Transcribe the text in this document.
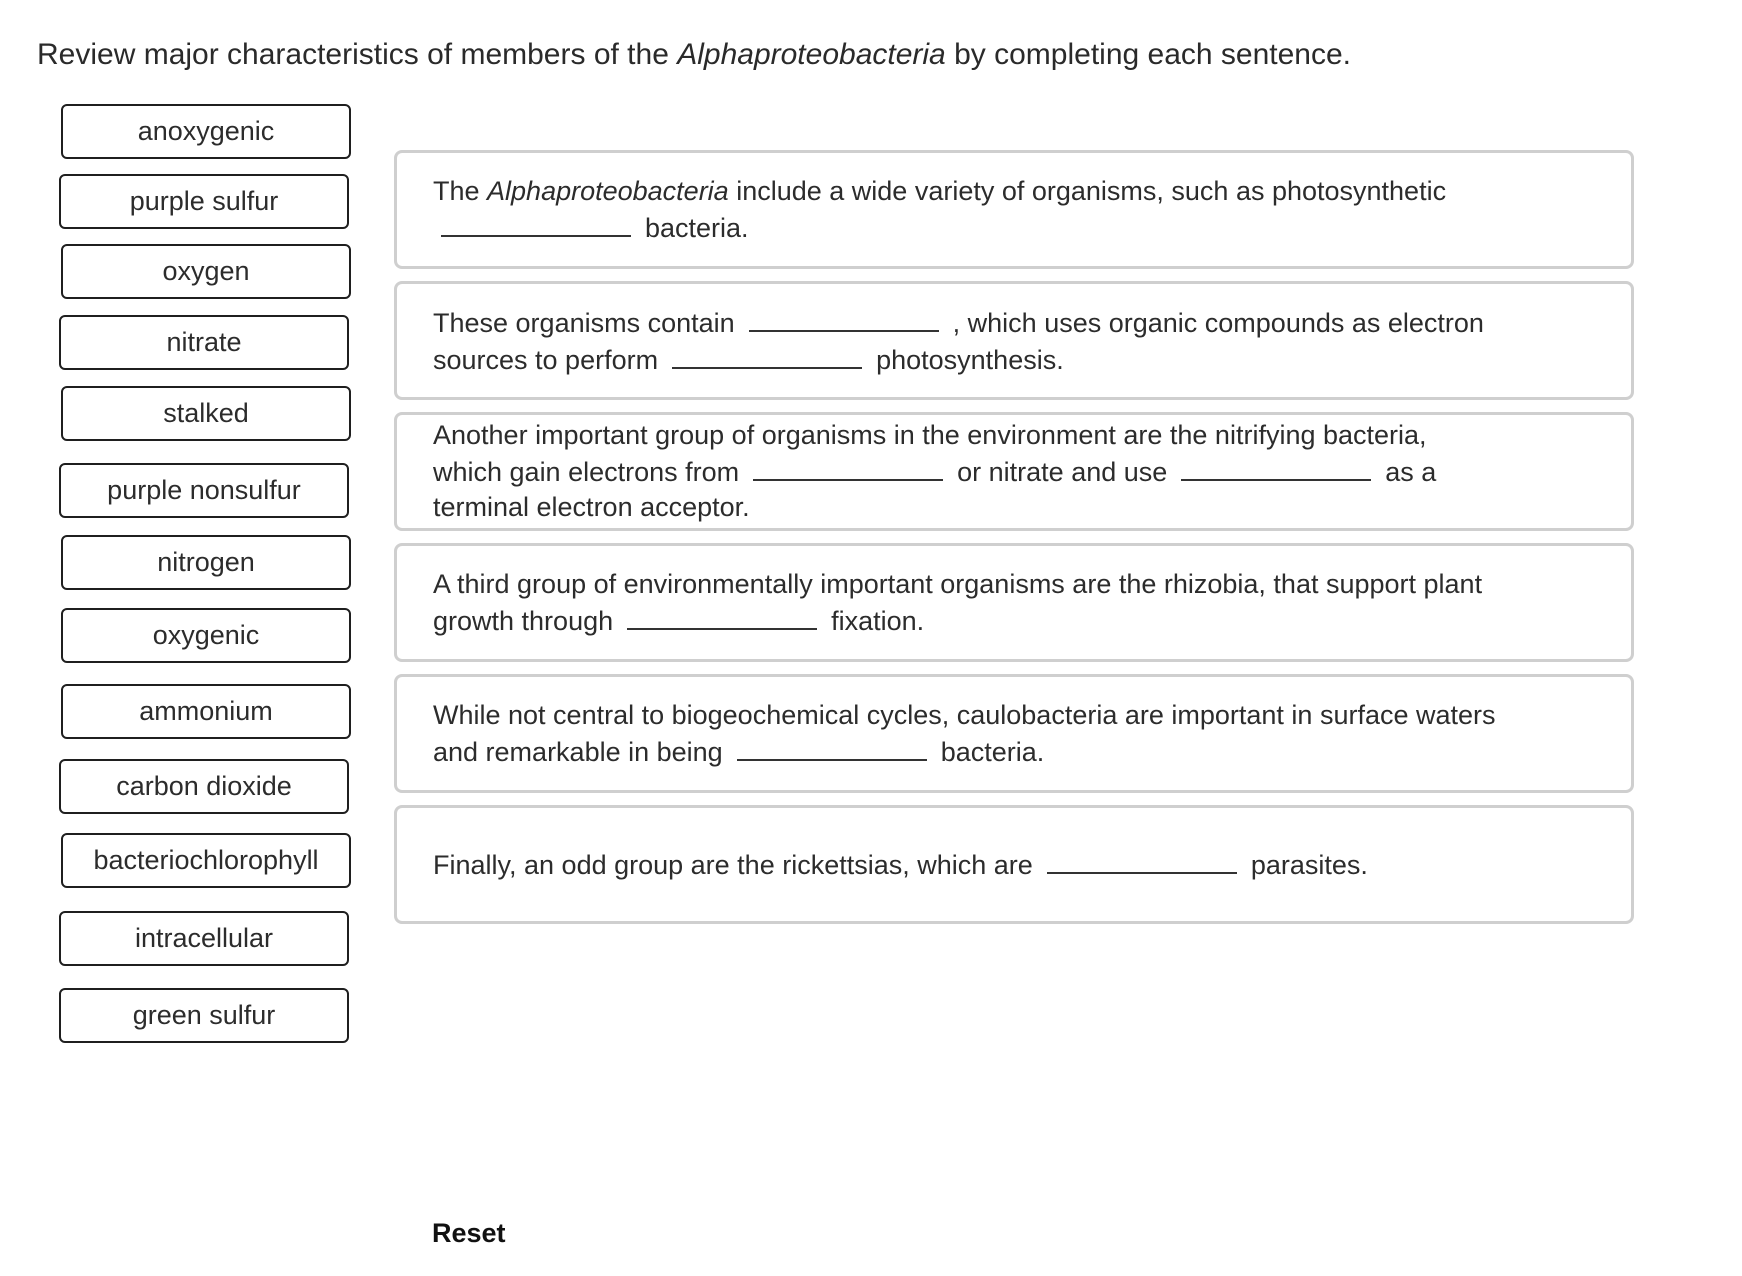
Review major characteristics of members of the Alphaproteobacteria by completing each sentence.
anoxygenic
purple sulfur
oxygen
nitrate
stalked
purple nonsulfur
nitrogen
oxygenic
ammonium
carbon dioxide
bacteriochlorophyll
intracellular
green sulfur
The Alphaproteobacteria include a wide variety of organisms, such as photosynthetic
bacteria.
These organisms contain	, which uses organic compounds as electron
sources to perform	photosynthesis.
Another important group of organisms in the environment are the nitrifying bacteria,
which gain electrons from	or nitrate and use	as a
terminal electron acceptor.
A third group of environmentally important organisms are the rhizobia, that support plant
growth through	fixation.
While not central to biogeochemical cycles, caulobacteria are important in surface waters
and remarkable in being	bacteria.
Finally, an odd group are the rickettsias, which are	parasites.
Reset
